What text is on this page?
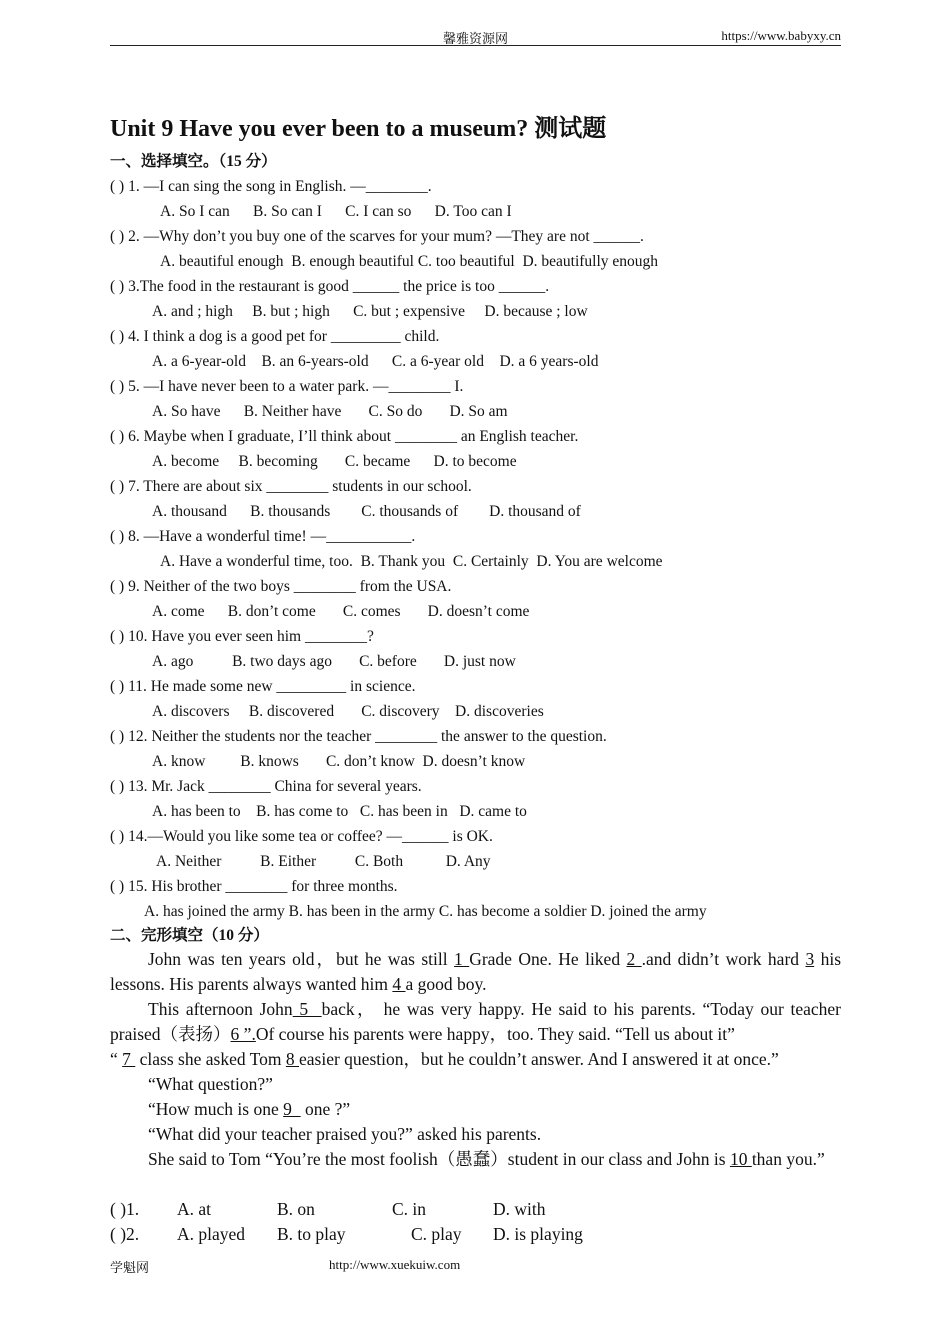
馨雅资源网	https://www.babyxy.cn
Unit 9 Have you ever been to a museum? 测试题
一、选择填空。（15 分）
( ) 1. —I can sing the song in English. —________.
A. So I can      B. So can I      C. I can so      D. Too can I
( ) 2. —Why don’t you buy one of the scarves for your mum? —They are not ______.
A. beautiful enough  B. enough beautiful C. too beautiful  D. beautifully enough
( ) 3.The food in the restaurant is good ______ the price is too ______.
A. and ; high     B. but ; high      C. but ; expensive     D. because ; low
( ) 4. I think a dog is a good pet for _________ child.
A. a 6-year-old    B. an 6-years-old      C. a 6-year old    D. a 6 years-old
( ) 5. —I have never been to a water park. —________ I.
A. So have      B. Neither have       C. So do       D. So am
( ) 6. Maybe when I graduate, I’ll think about ________ an English teacher.
A. become     B. becoming       C. became      D. to become
( ) 7. There are about six ________ students in our school.
A. thousand      B. thousands        C. thousands of        D. thousand of
( ) 8. —Have a wonderful time! —___________.
A. Have a wonderful time, too.  B. Thank you  C. Certainly  D. You are welcome
( ) 9. Neither of the two boys ________ from the USA.
A. come      B. don’t come       C. comes       D. doesn’t come
( ) 10. Have you ever seen him ________?
A. ago          B. two days ago       C. before       D. just now
( ) 11. He made some new _________ in science.
A. discovers     B. discovered       C. discovery    D. discoveries
( ) 12. Neither the students nor the teacher ________ the answer to the question.
A. know         B. knows       C. don’t know  D. doesn’t know
( ) 13. Mr. Jack ________ China for several years.
A. has been to    B. has come to   C. has been in   D. came to
( ) 14.—Would you like some tea or coffee? —______ is OK.
A. Neither          B. Either          C. Both           D. Any
( ) 15. His brother ________ for three months.
A. has joined the army B. has been in the army C. has become a soldier D. joined the army
二、完形填空（10 分）
John was ten years old，but he was still 1 Grade One. He liked 2 .and didn’t work hard 3 his lessons. His parents always wanted him 4 a good boy.
This afternoon John 5  back， he was very happy. He said to his parents. “Today our teacher praised（表扬）6 ”.Of course his parents were happy，too. They said. “Tell us about it”
“ 7  class she asked Tom 8 easier question，but he couldn’t answer. And I answered it at once.”
“What question?”
“How much is one 9   one ?”
“What did your teacher praised you?” asked his parents.
She said to Tom “You’re the most foolish（愚蠢）student in our class and John is 10 than you.”
( )1. A. at	B. on	C. in	D. with
( )2. A. played B. to play	C. play D. is playing
学魁网	http://www.xuekuiw.com
